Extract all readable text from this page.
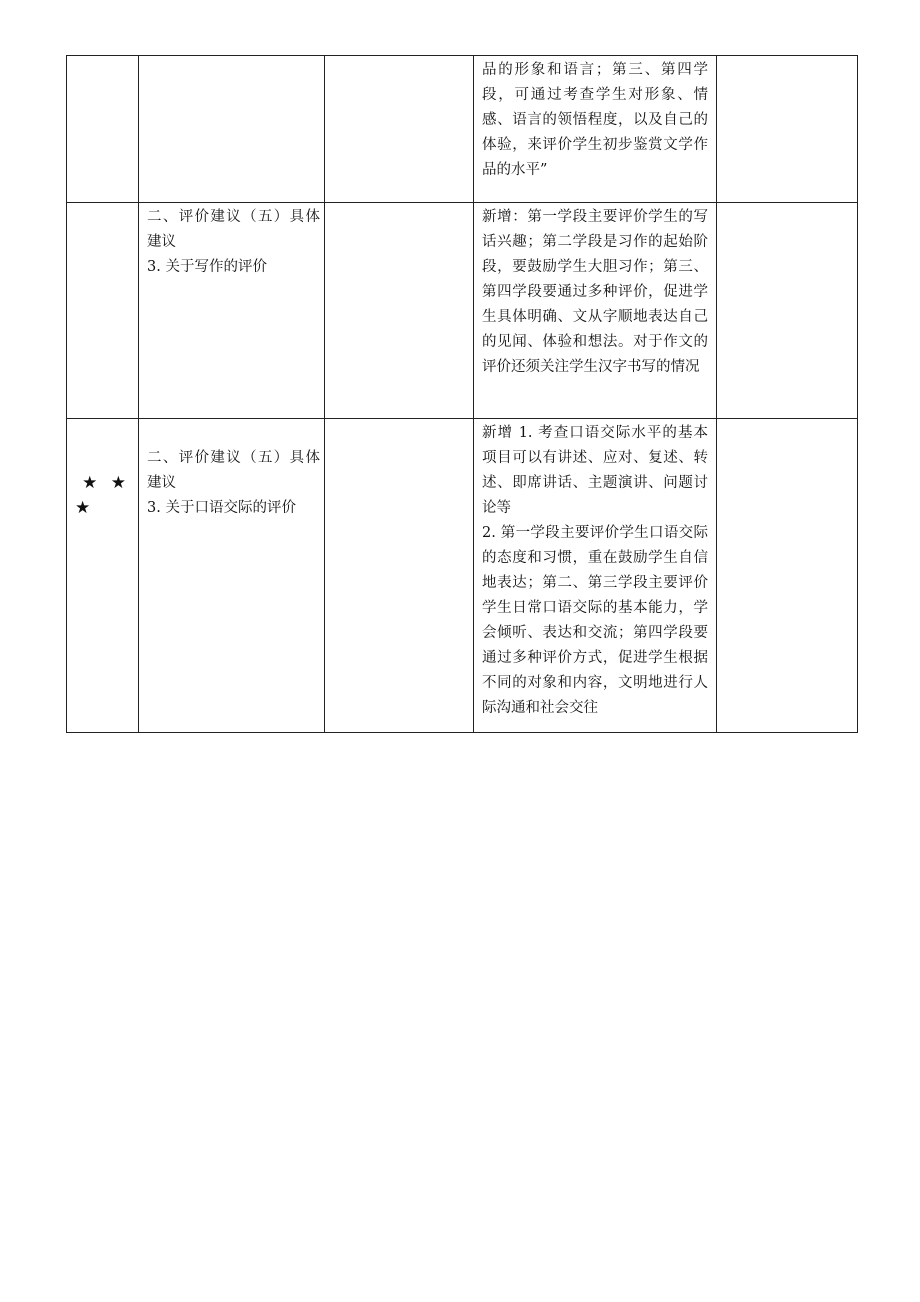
			品的形象和语言；第三、第四学段，可通过考查学生对形象、情感、语言的领悟程度，以及自己的体验，来评价学生初步鉴赏文学作品的水平”	

	二、评价建议（五）具体建议
3. 关于写作的评价		新增：第一学段主要评价学生的写话兴趣；第二学段是习作的起始阶段，要鼓励学生大胆习作；第三、第四学段要通过多种评价，促进学生具体明确、文从字顺地表达自己的见闻、体验和想法。对于作文的评价还须关注学生汉字书写的情况	

★ ★
★	二、评价建议（五）具体建议
3. 关于口语交际的评价		新增 1. 考查口语交际水平的基本项目可以有讲述、应对、复述、转述、即席讲话、主题演讲、问题讨论等
2. 第一学段主要评价学生口语交际的态度和习惯，重在鼓励学生自信地表达；第二、第三学段主要评价学生日常口语交际的基本能力，学会倾听、表达和交流；第四学段要通过多种评价方式，促进学生根据不同的对象和内容，文明地进行人际沟通和社会交往	
